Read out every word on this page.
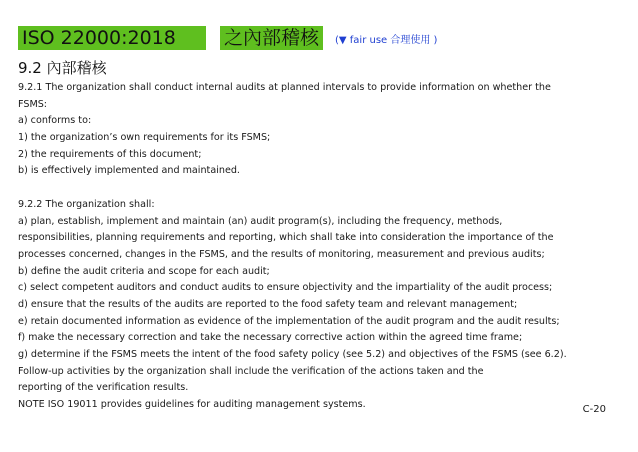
ISO 22000:2018	之內部稽核	(▼ fair use 合理使用 )
9.2 內部稽核
9.2.1 The organization shall conduct internal audits at planned intervals to provide information on whether the
FSMS:
a) conforms to:
1) the organization’s own requirements for its FSMS;
2) the requirements of this document;
b) is effectively implemented and maintained.
9.2.2 The organization shall:
a) plan, establish, implement and maintain (an) audit program(s), including the frequency, methods,
responsibilities, planning requirements and reporting, which shall take into consideration the importance of the
processes concerned, changes in the FSMS, and the results of monitoring, measurement and previous audits;
b) define the audit criteria and scope for each audit;
c) select competent auditors and conduct audits to ensure objectivity and the impartiality of the audit process;
d) ensure that the results of the audits are reported to the food safety team and relevant management;
e) retain documented information as evidence of the implementation of the audit program and the audit results;
f) make the necessary correction and take the necessary corrective action within the agreed time frame;
g) determine if the FSMS meets the intent of the food safety policy (see 5.2) and objectives of the FSMS (see 6.2).
Follow-up activities by the organization shall include the verification of the actions taken and the
reporting of the verification results.
NOTE ISO 19011 provides guidelines for auditing management systems.	C-20
